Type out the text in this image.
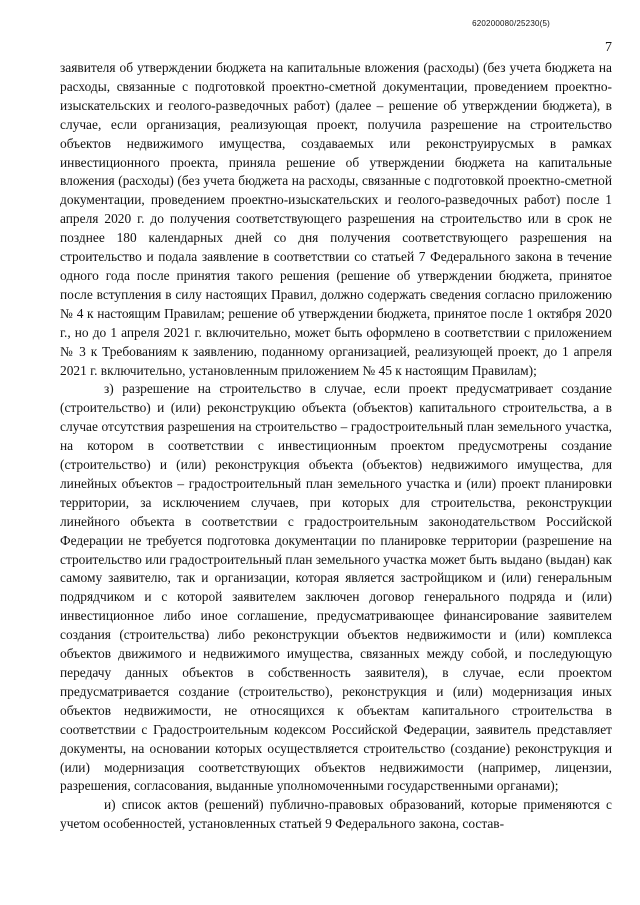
620200080/25230(5)
7

заявителя об утверждении бюджета на капитальные вложения (расходы) (без учета бюджета на расходы, связанные с подготовкой проектно-сметной документации, проведением проектно-изыскательских и геолого-разведочных работ) (далее – решение об утверждении бюджета), в случае, если организация, реализующая проект, получила разрешение на строительство объектов недвижимого имущества, создаваемых или реконструирусмых в рамках инвестиционного проекта, приняла решение об утверждении бюджета на капитальные вложения (расходы) (без учета бюджета на расходы, связанные с подготовкой проектно-сметной документации, проведением проектно-изыскательских и геолого-разведочных работ) после 1 апреля 2020 г. до получения соответствующего разрешения на строительство или в срок не позднее 180 календарных дней со дня получения соответствующего разрешения на строительство и подала заявление в соответствии со статьей 7 Федерального закона в течение одного года после принятия такого решения (решение об утверждении бюджета, принятое после вступления в силу настоящих Правил, должно содержать сведения согласно приложению № 4 к настоящим Правилам; решение об утверждении бюджета, принятое после 1 октября 2020 г., но до 1 апреля 2021 г. включительно, может быть оформлено в соответствии с приложением № 3 к Требованиям к заявлению, поданному организацией, реализующей проект, до 1 апреля 2021 г. включительно, установленным приложением № 45 к настоящим Правилам);

з) разрешение на строительство в случае, если проект предусматривает создание (строительство) и (или) реконструкцию объекта (объектов) капитального строительства, а в случае отсутствия разрешения на строительство – градостроительный план земельного участка, на котором в соответствии с инвестиционным проектом предусмотрены создание (строительство) и (или) реконструкция объекта (объектов) недвижимого имущества, для линейных объектов – градостроительный план земельного участка и (или) проект планировки территории, за исключением случаев, при которых для строительства, реконструкции линейного объекта в соответствии с градостроительным законодательством Российской Федерации не требуется подготовка документации по планировке территории (разрешение на строительство или градостроительный план земельного участка может быть выдано (выдан) как самому заявителю, так и организации, которая является застройщиком и (или) генеральным подрядчиком и с которой заявителем заключен договор генерального подряда и (или) инвестиционное либо иное соглашение, предусматривающее финансирование заявителем создания (строительства) либо реконструкции объектов недвижимости и (или) комплекса объектов движимого и недвижимого имущества, связанных между собой, и последующую передачу данных объектов в собственность заявителя), в случае, если проектом предусматривается создание (строительство), реконструкция и (или) модернизация иных объектов недвижимости, не относящихся к объектам капитального строительства в соответствии с Градостроительным кодексом Российской Федерации, заявитель представляет документы, на основании которых осуществляется строительство (создание) реконструкция и (или) модернизация соответствующих объектов недвижимости (например, лицензии, разрешения, согласования, выданные уполномоченными государственными органами);

и) список актов (решений) публично-правовых образований, которые применяются с учетом особенностей, установленных статьей 9 Федерального закона, состав-
